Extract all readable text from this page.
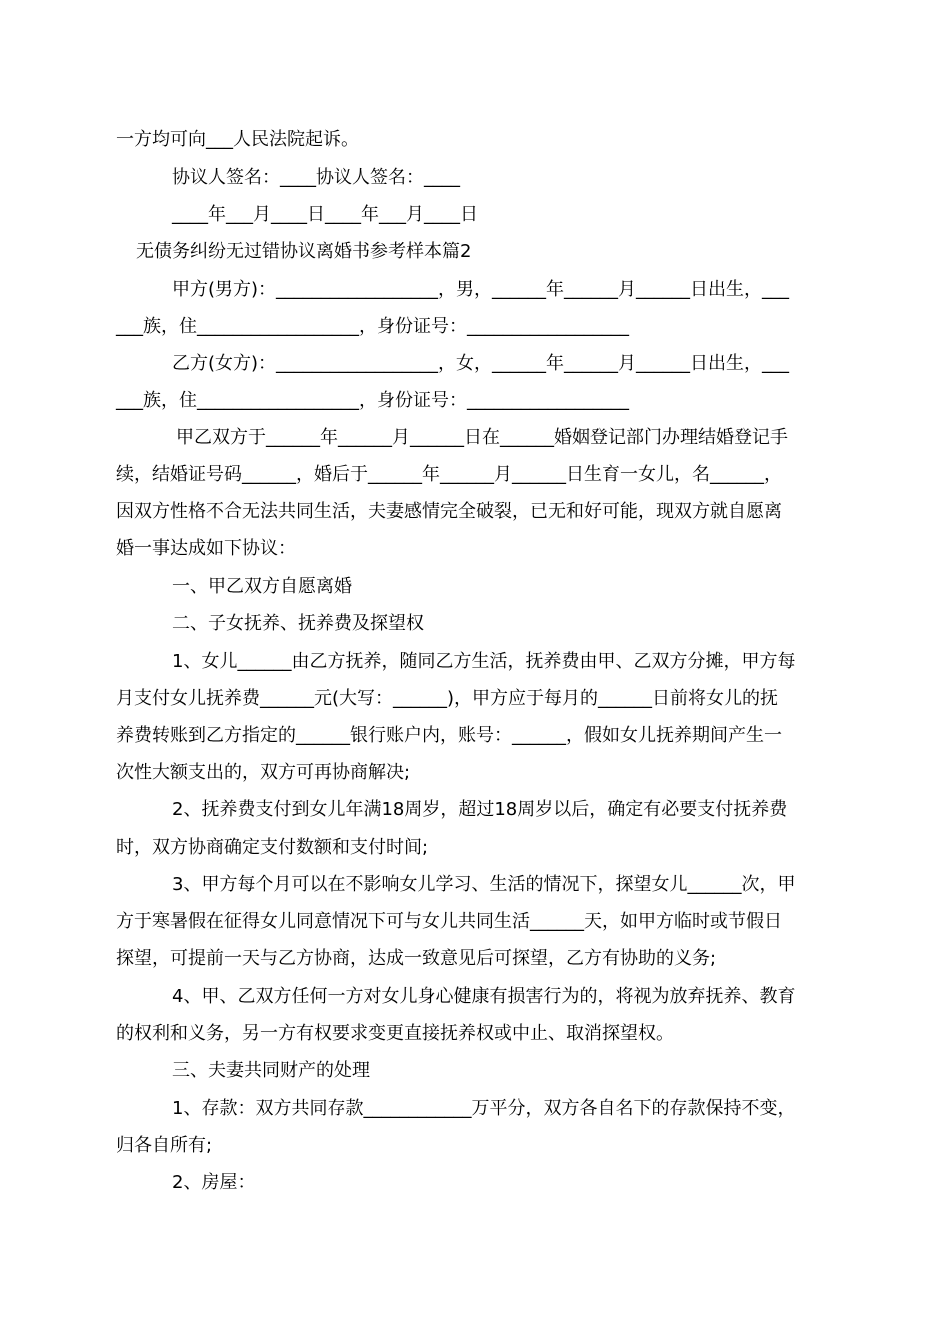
一方均可向___人民法院起诉。
协议人签名：____协议人签名：____
____年___月____日____年___月____日
无债务纠纷无过错协议离婚书参考样本篇2
甲方(男方)：__________________，男，______年______月______日出生，___
___族，住__________________，身份证号：__________________
乙方(女方)：__________________，女，______年______月______日出生，___
___族，住__________________，身份证号：__________________
甲乙双方于______年______月______日在______婚姻登记部门办理结婚登记手
续，结婚证号码______，婚后于______年______月______日生育一女儿，名______，
因双方性格不合无法共同生活，夫妻感情完全破裂，已无和好可能，现双方就自愿离
婚一事达成如下协议：
一、甲乙双方自愿离婚
二、子女抚养、抚养费及探望权
1、女儿______由乙方抚养，随同乙方生活，抚养费由甲、乙双方分摊，甲方每
月支付女儿抚养费______元(大写：______)，甲方应于每月的______日前将女儿的抚
养费转账到乙方指定的______银行账户内，账号：______，假如女儿抚养期间产生一
次性大额支出的，双方可再协商解决;
2、抚养费支付到女儿年满18周岁，超过18周岁以后，确定有必要支付抚养费
时，双方协商确定支付数额和支付时间;
3、甲方每个月可以在不影响女儿学习、生活的情况下，探望女儿______次，甲
方于寒暑假在征得女儿同意情况下可与女儿共同生活______天，如甲方临时或节假日
探望，可提前一天与乙方协商，达成一致意见后可探望，乙方有协助的义务;
4、甲、乙双方任何一方对女儿身心健康有损害行为的，将视为放弃抚养、教育
的权利和义务，另一方有权要求变更直接抚养权或中止、取消探望权。
三、夫妻共同财产的处理
1、存款：双方共同存款____________万平分，双方各自名下的存款保持不变，
归各自所有;
2、房屋：
